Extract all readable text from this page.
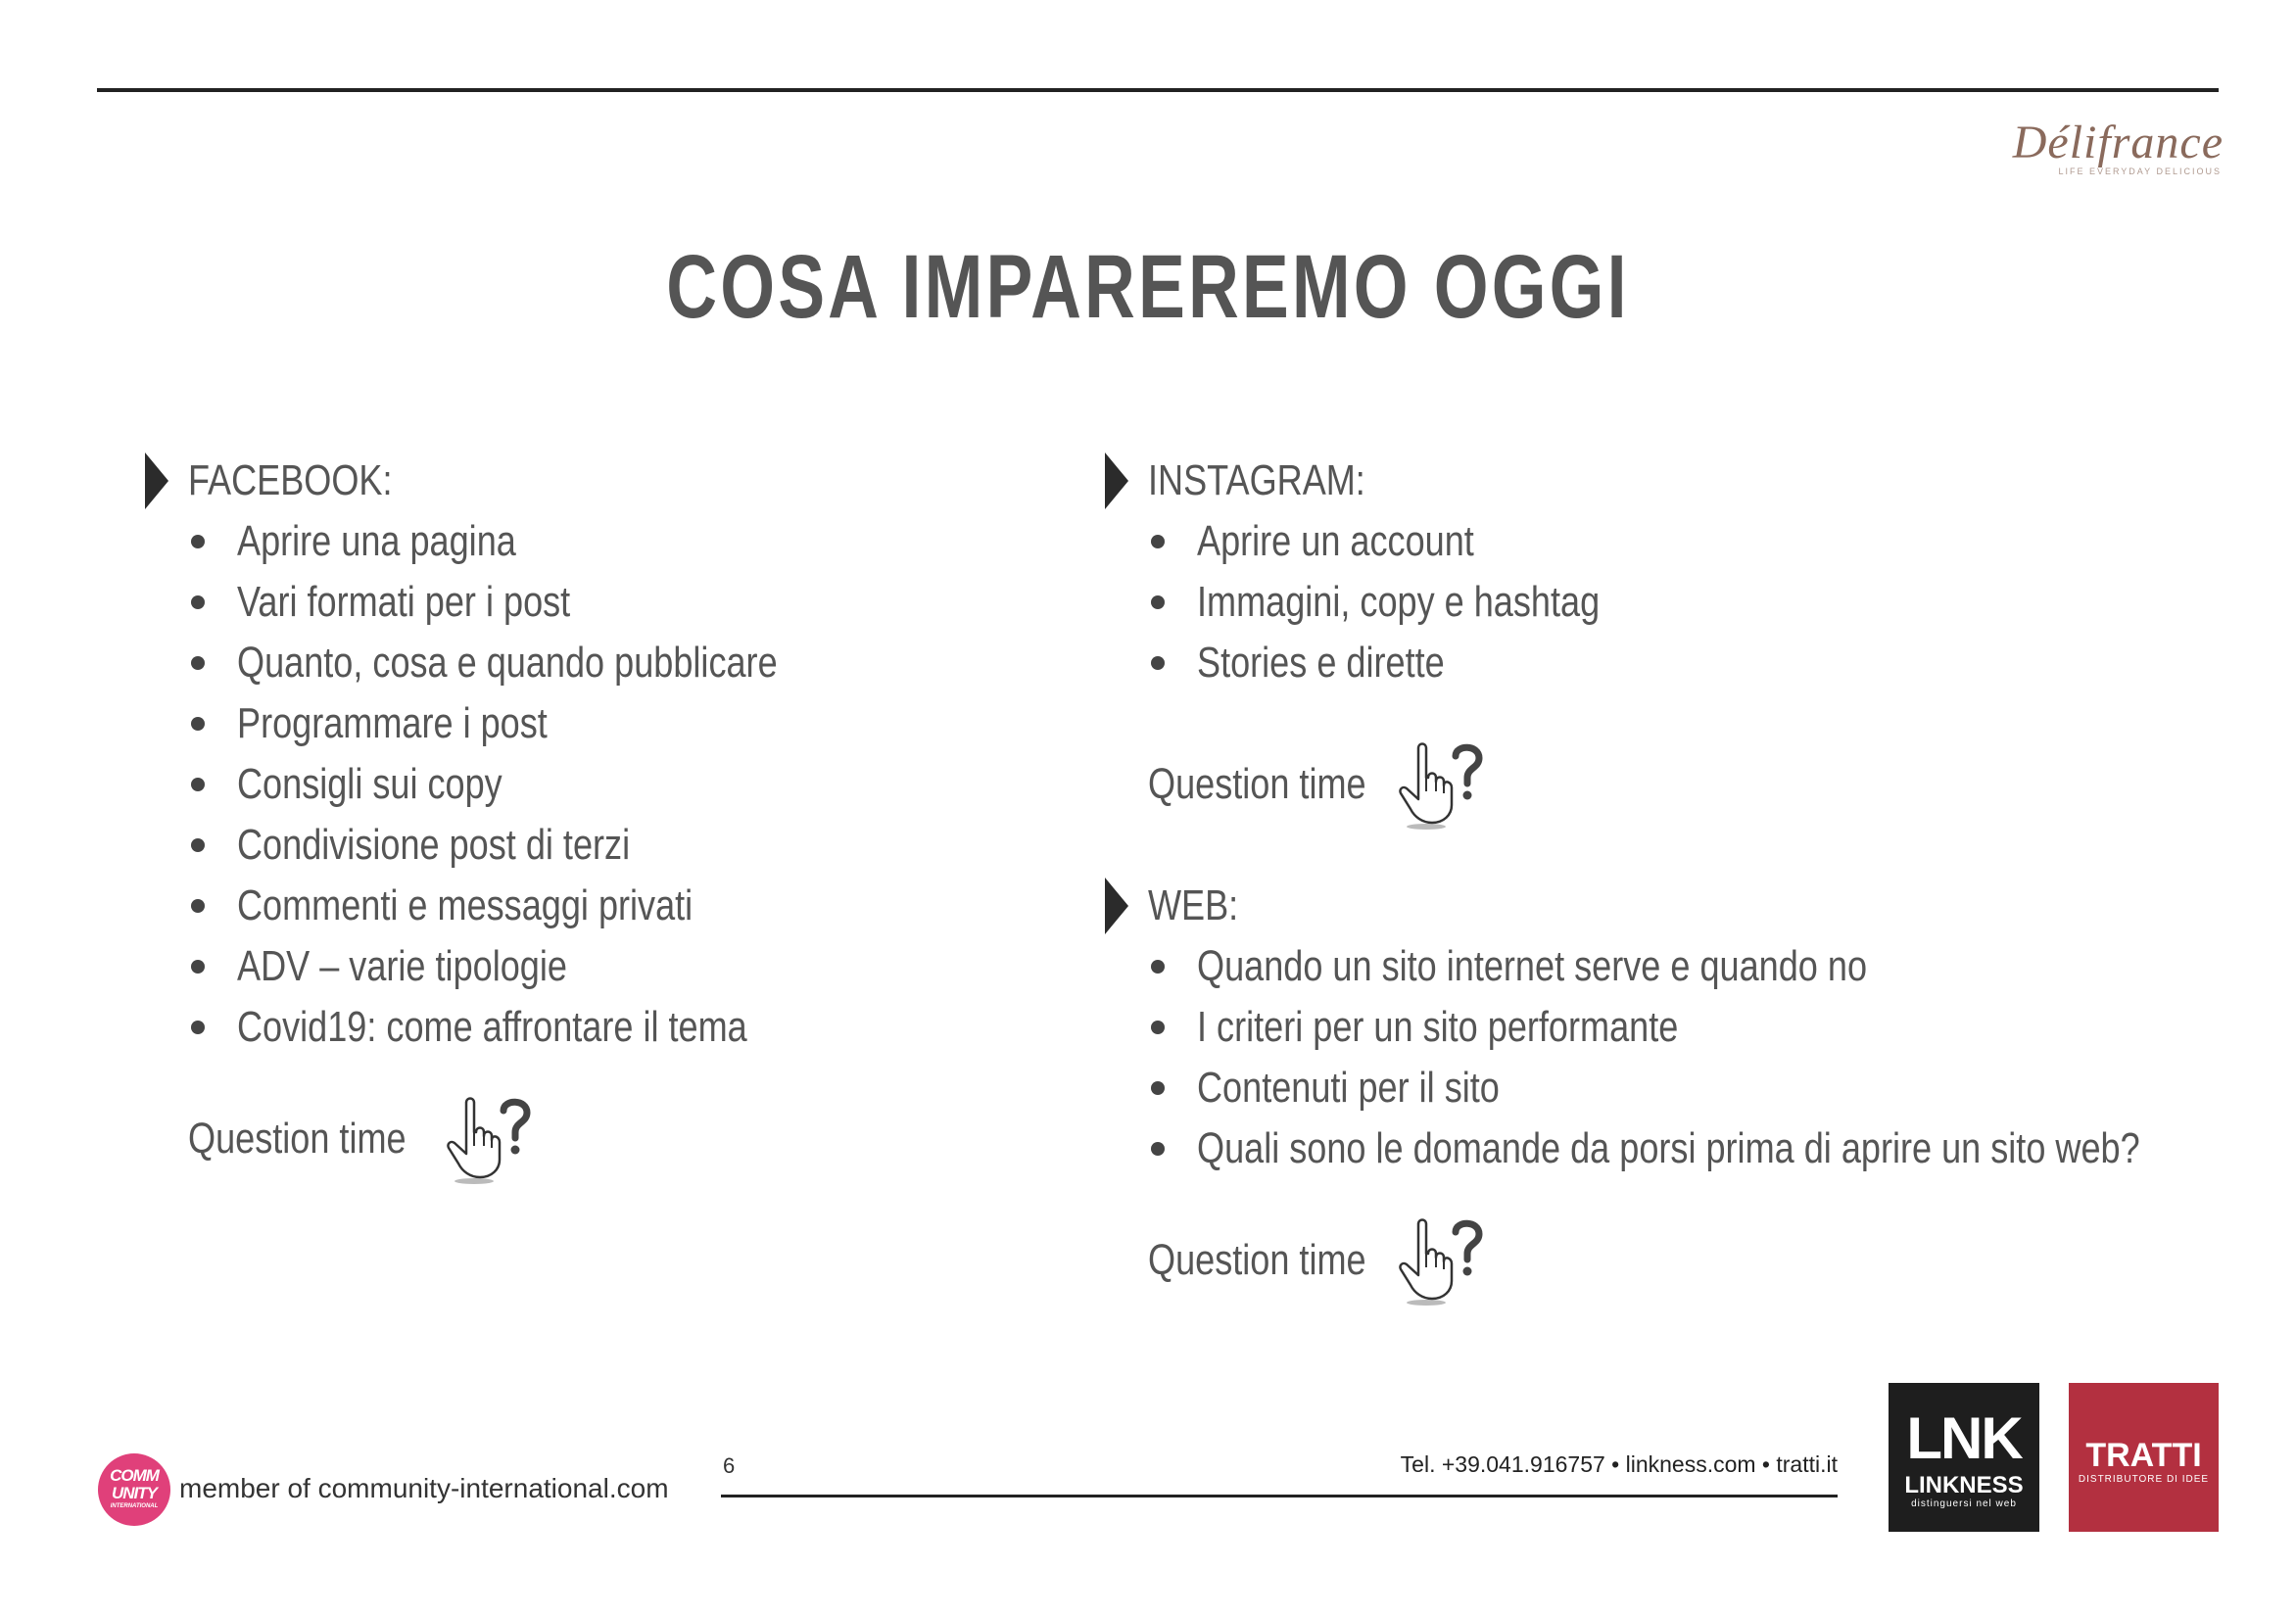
Délifrance
LIFE EVERYDAY DELICIOUS
COSA IMPAREREMO OGGI
FACEBOOK:
Aprire una pagina
Vari formati per i post
Quanto, cosa e quando pubblicare
Programmare i post
Consigli sui copy
Condivisione post di terzi
Commenti e messaggi privati
ADV – varie tipologie
Covid19: come affrontare il tema
Question time
INSTAGRAM:
Aprire un account
Immagini, copy e hashtag
Stories e dirette
Question time
WEB:
Quando un sito internet serve e quando no
I criteri per un sito performante
Contenuti per il sito
Quali sono le domande da porsi prima di aprire un sito web?
Question time
COMM
UNITY
INTERNATIONAL
member of community-international.com
6	Tel. +39.041.916757 • linkness.com • tratti.it	LNK
LINKNESS
distinguersi nel web
TRATTI
DISTRIBUTORE DI IDEE
